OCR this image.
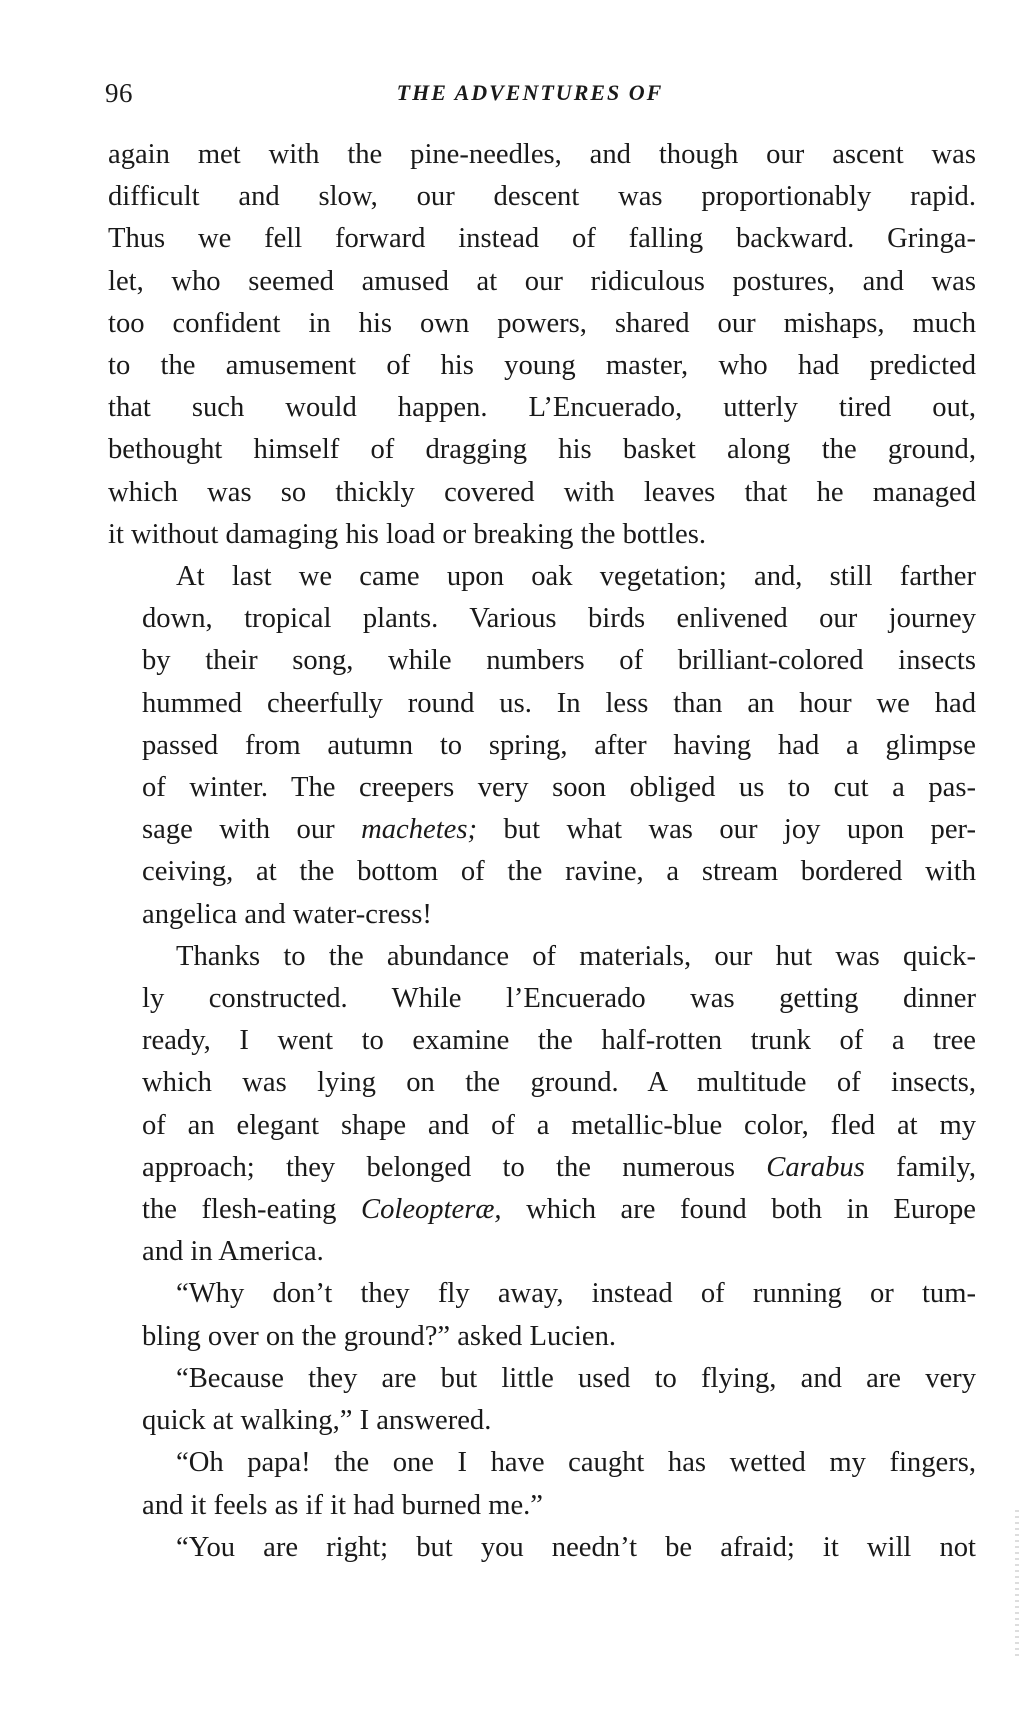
96	THE ADVENTURES OF

again met with the pine-needles, and though our ascent was
difficult and slow, our descent was proportionably rapid.
Thus we fell forward instead of falling backward. Gringa-
let, who seemed amused at our ridiculous postures, and was
too confident in his own powers, shared our mishaps, much
to the amusement of his young master, who had predicted
that such would happen. L’Encuerado, utterly tired out,
bethought himself of dragging his basket along the ground,
which was so thickly covered with leaves that he managed
it without damaging his load or breaking the bottles.

At last we came upon oak vegetation; and, still farther
down, tropical plants. Various birds enlivened our journey
by their song, while numbers of brilliant-colored insects
hummed cheerfully round us. In less than an hour we had
passed from autumn to spring, after having had a glimpse
of winter. The creepers very soon obliged us to cut a pas-
sage with our machetes; but what was our joy upon per-
ceiving, at the bottom of the ravine, a stream bordered with
angelica and water-cress!

Thanks to the abundance of materials, our hut was quick-
ly constructed. While l’Encuerado was getting dinner
ready, I went to examine the half-rotten trunk of a tree
which was lying on the ground. A multitude of insects,
of an elegant shape and of a metallic-blue color, fled at my
approach; they belonged to the numerous Carabus family,
the flesh-eating Coleopteræ, which are found both in Europe
and in America.

“Why don’t they fly away, instead of running or tum-
bling over on the ground?” asked Lucien.

“Because they are but little used to flying, and are very
quick at walking,” I answered.

“Oh papa! the one I have caught has wetted my fingers,
and it feels as if it had burned me.”

“You are right; but you needn’t be afraid; it will not
